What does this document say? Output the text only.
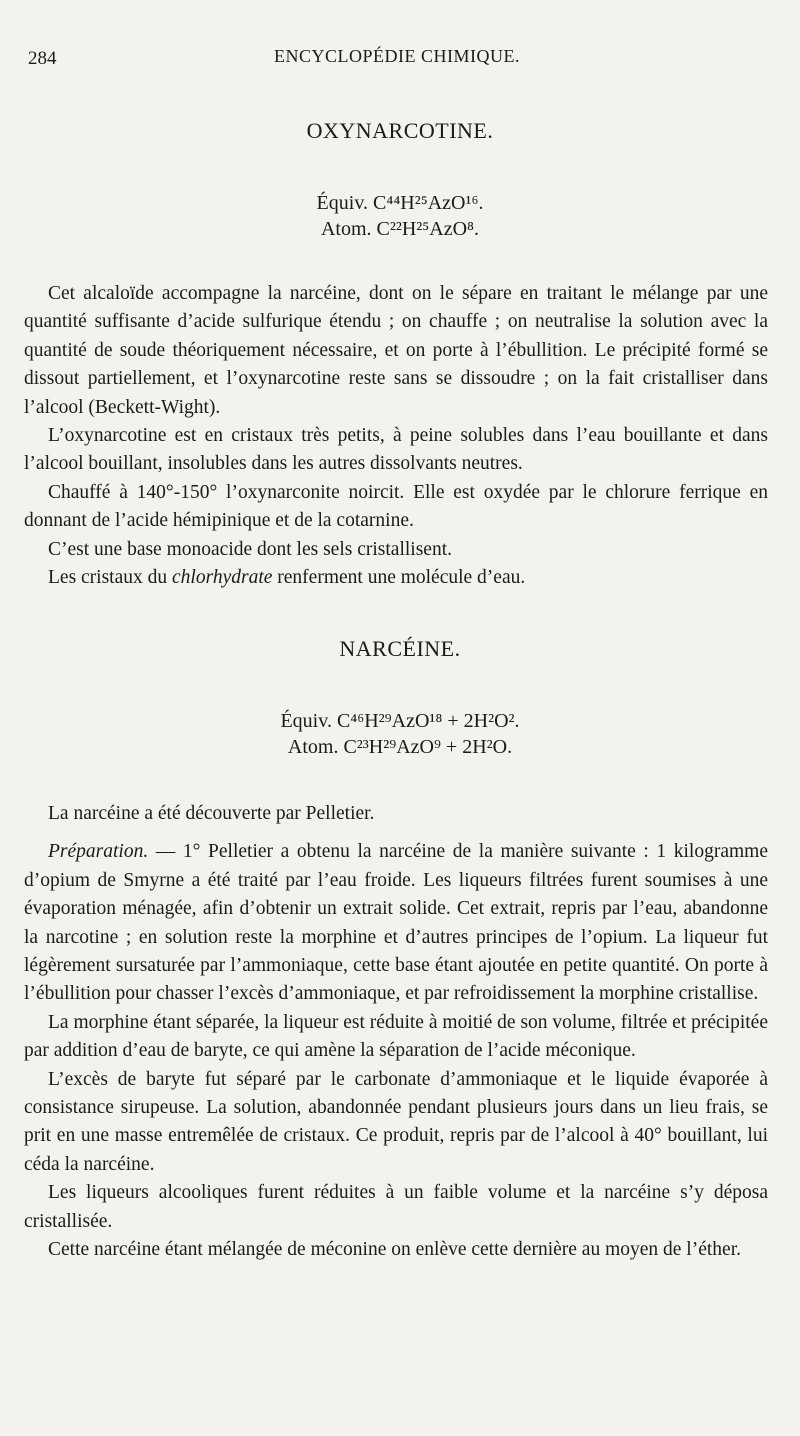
284	ENCYCLOPÉDIE CHIMIQUE.
OXYNARCOTINE.
Équiv. C⁴⁴H²⁵AzO¹⁶.
Atom. C²²H²⁵AzO⁸.

Cet alcaloïde accompagne la narcéine, dont on le sépare en traitant le mélange par une quantité suffisante d’acide sulfurique étendu ; on chauffe ; on neutralise la solution avec la quantité de soude théoriquement nécessaire, et on porte à l’ébullition. Le précipité formé se dissout partiellement, et l’oxynarcotine reste sans se dissoudre ; on la fait cristalliser dans l’alcool (Beckett-Wight).

L’oxynarcotine est en cristaux très petits, à peine solubles dans l’eau bouillante et dans l’alcool bouillant, insolubles dans les autres dissolvants neutres.

Chauffé à 140°-150° l’oxynarconite noircit. Elle est oxydée par le chlorure ferrique en donnant de l’acide hémipinique et de la cotarnine.

C’est une base monoacide dont les sels cristallisent.

Les cristaux du chlorhydrate renferment une molécule d’eau.

NARCÉINE.
Équiv. C⁴⁶H²⁹AzO¹⁸ + 2H²O².
Atom. C²³H²⁹AzO⁹ + 2H²O.

La narcéine a été découverte par Pelletier.

Préparation. — 1° Pelletier a obtenu la narcéine de la manière suivante : 1 kilogramme d’opium de Smyrne a été traité par l’eau froide. Les liqueurs filtrées furent soumises à une évaporation ménagée, afin d’obtenir un extrait solide. Cet extrait, repris par l’eau, abandonne la narcotine ; en solution reste la morphine et d’autres principes de l’opium. La liqueur fut légèrement sursaturée par l’ammoniaque, cette base étant ajoutée en petite quantité. On porte à l’ébullition pour chasser l’excès d’ammoniaque, et par refroidissement la morphine cristallise.

La morphine étant séparée, la liqueur est réduite à moitié de son volume, filtrée et précipitée par addition d’eau de baryte, ce qui amène la séparation de l’acide méconique.

L’excès de baryte fut séparé par le carbonate d’ammoniaque et le liquide évaporée à consistance sirupeuse. La solution, abandonnée pendant plusieurs jours dans un lieu frais, se prit en une masse entremêlée de cristaux. Ce produit, repris par de l’alcool à 40° bouillant, lui céda la narcéine.

Les liqueurs alcooliques furent réduites à un faible volume et la narcéine s’y déposa cristallisée.

Cette narcéine étant mélangée de méconine on enlève cette dernière au moyen de l’éther.
